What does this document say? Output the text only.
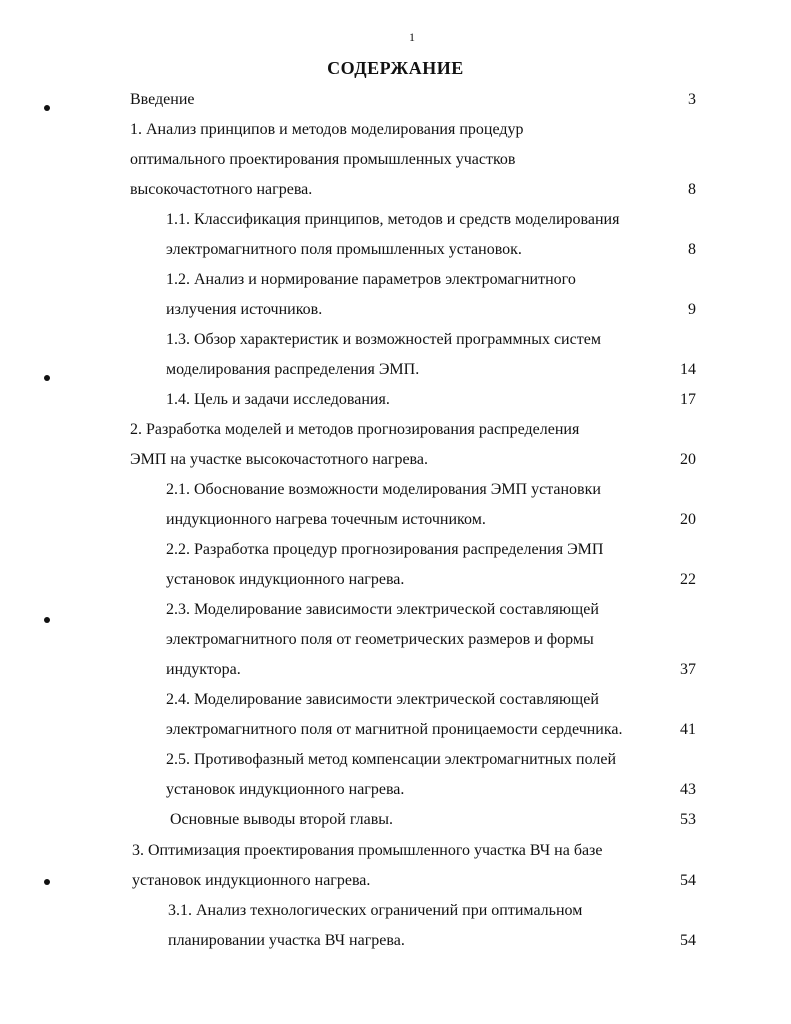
1
СОДЕРЖАНИЕ
Введение	3
1. Анализ принципов и методов моделирования процедур
оптимального проектирования промышленных участков
высокочастотного нагрева.	8
1.1. Классификация принципов, методов и средств моделирования
электромагнитного поля промышленных установок.	8
1.2. Анализ и нормирование параметров электромагнитного
излучения источников.	9
1.3. Обзор характеристик и возможностей программных систем
моделирования распределения ЭМП.	14
1.4. Цель и задачи исследования.	17
2. Разработка моделей и методов прогнозирования распределения
ЭМП на участке высокочастотного нагрева.	20
2.1. Обоснование возможности моделирования ЭМП установки
индукционного нагрева точечным источником.	20
2.2. Разработка процедур прогнозирования распределения ЭМП
установок индукционного нагрева.	22
2.3. Моделирование зависимости электрической составляющей
электромагнитного поля от геометрических размеров и формы
индуктора.	37
2.4. Моделирование зависимости электрической составляющей
электромагнитного поля от магнитной проницаемости сердечника.	41
2.5. Противофазный метод компенсации электромагнитных полей
установок индукционного нагрева.	43
Основные выводы второй главы.	53
3. Оптимизация проектирования промышленного участка ВЧ на базе
установок индукционного нагрева.	54
3.1. Анализ технологических ограничений при оптимальном
планировании участка ВЧ нагрева.	54
